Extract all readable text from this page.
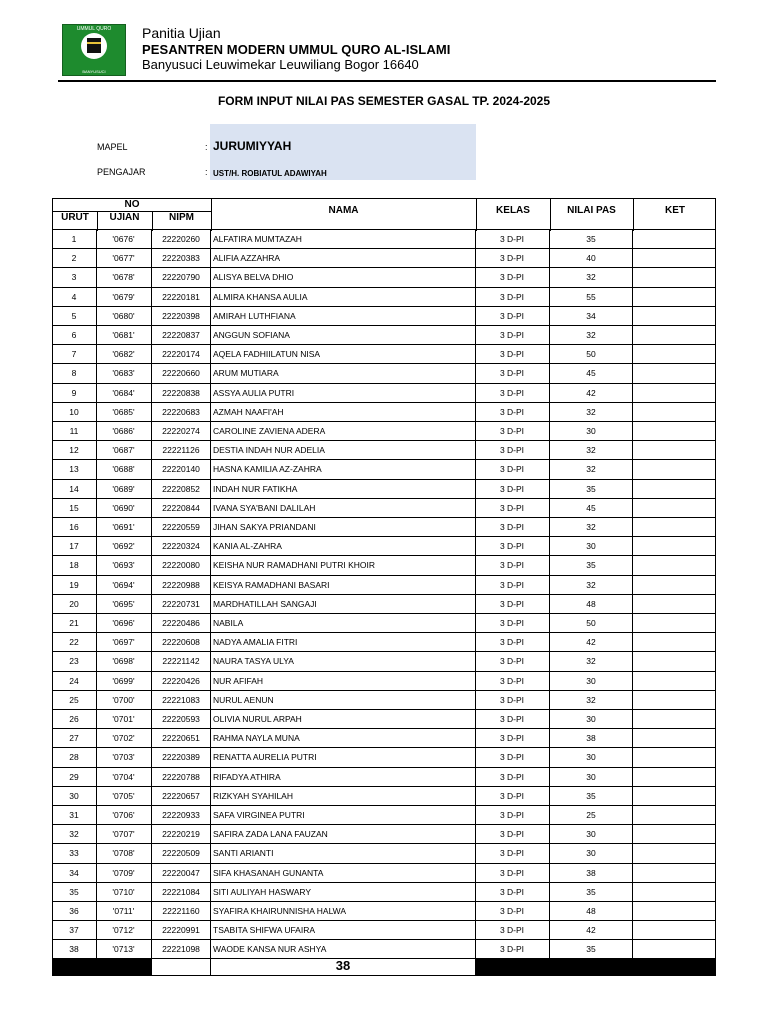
UMMUL QURO
BANYUSUCI
Panitia Ujian
PESANTREN MODERN UMMUL QURO AL-ISLAMI
Banyusuci Leuwimekar Leuwiliang Bogor 16640
FORM INPUT NILAI PAS SEMESTER GASAL TP. 2024-2025
MAPEL	: JURUMIYYAH
PENGAJAR	: UST/H. ROBIATUL ADAWIYAH
NO
URUT	UJIAN	NIPM
NAMA	KELAS	NILAI PAS	KET
1	'0676'	22220260	ALFATIRA MUMTAZAH	3 D-PI	35
2	'0677'	22220383	ALIFIA AZZAHRA	3 D-PI	40
3	'0678'	22220790	ALISYA BELVA DHIO	3 D-PI	32
4	'0679'	22220181	ALMIRA KHANSA AULIA	3 D-PI	55
5	'0680'	22220398	AMIRAH LUTHFIANA	3 D-PI	34
6	'0681'	22220837	ANGGUN SOFIANA	3 D-PI	32
7	'0682'	22220174	AQELA FADHIILATUN NISA	3 D-PI	50
8	'0683'	22220660	ARUM MUTIARA	3 D-PI	45
9	'0684'	22220838	ASSYA AULIA PUTRI	3 D-PI	42
10	'0685'	22220683	AZMAH NAAFI'AH	3 D-PI	32
11	'0686'	22220274	CAROLINE ZAVIENA ADERA	3 D-PI	30
12	'0687'	22221126	DESTIA INDAH NUR ADELIA	3 D-PI	32
13	'0688'	22220140	HASNA KAMILIA AZ-ZAHRA	3 D-PI	32
14	'0689'	22220852	INDAH NUR FATIKHA	3 D-PI	35
15	'0690'	22220844	IVANA SYA'BANI DALILAH	3 D-PI	45
16	'0691'	22220559	JIHAN SAKYA PRIANDANI	3 D-PI	32
17	'0692'	22220324	KANIA AL-ZAHRA	3 D-PI	30
18	'0693'	22220080	KEISHA NUR RAMADHANI PUTRI KHOIR	3 D-PI	35
19	'0694'	22220988	KEISYA RAMADHANI BASARI	3 D-PI	32
20	'0695'	22220731	MARDHATILLAH SANGAJI	3 D-PI	48
21	'0696'	22220486	NABILA	3 D-PI	50
22	'0697'	22220608	NADYA AMALIA FITRI	3 D-PI	42
23	'0698'	22221142	NAURA TASYA ULYA	3 D-PI	32
24	'0699'	22220426	NUR AFIFAH	3 D-PI	30
25	'0700'	22221083	NURUL AENUN	3 D-PI	32
26	'0701'	22220593	OLIVIA NURUL ARPAH	3 D-PI	30
27	'0702'	22220651	RAHMA NAYLA MUNA	3 D-PI	38
28	'0703'	22220389	RENATTA AURELIA PUTRI	3 D-PI	30
29	'0704'	22220788	RIFADYA ATHIRA	3 D-PI	30
30	'0705'	22220657	RIZKYAH SYAHILAH	3 D-PI	35
31	'0706'	22220933	SAFA VIRGINEA PUTRI	3 D-PI	25
32	'0707'	22220219	SAFIRA ZADA LANA FAUZAN	3 D-PI	30
33	'0708'	22220509	SANTI ARIANTI	3 D-PI	30
34	'0709'	22220047	SIFA KHASANAH GUNANTA	3 D-PI	38
35	'0710'	22221084	SITI AULIYAH HASWARY	3 D-PI	35
36	'0711'	22221160	SYAFIRA KHAIRUNNISHA HALWA	3 D-PI	48
37	'0712'	22220991	TSABITA SHIFWA UFAIRA	3 D-PI	42
38	'0713'	22221098	WAODE KANSA NUR ASHYA	3 D-PI	35
38
